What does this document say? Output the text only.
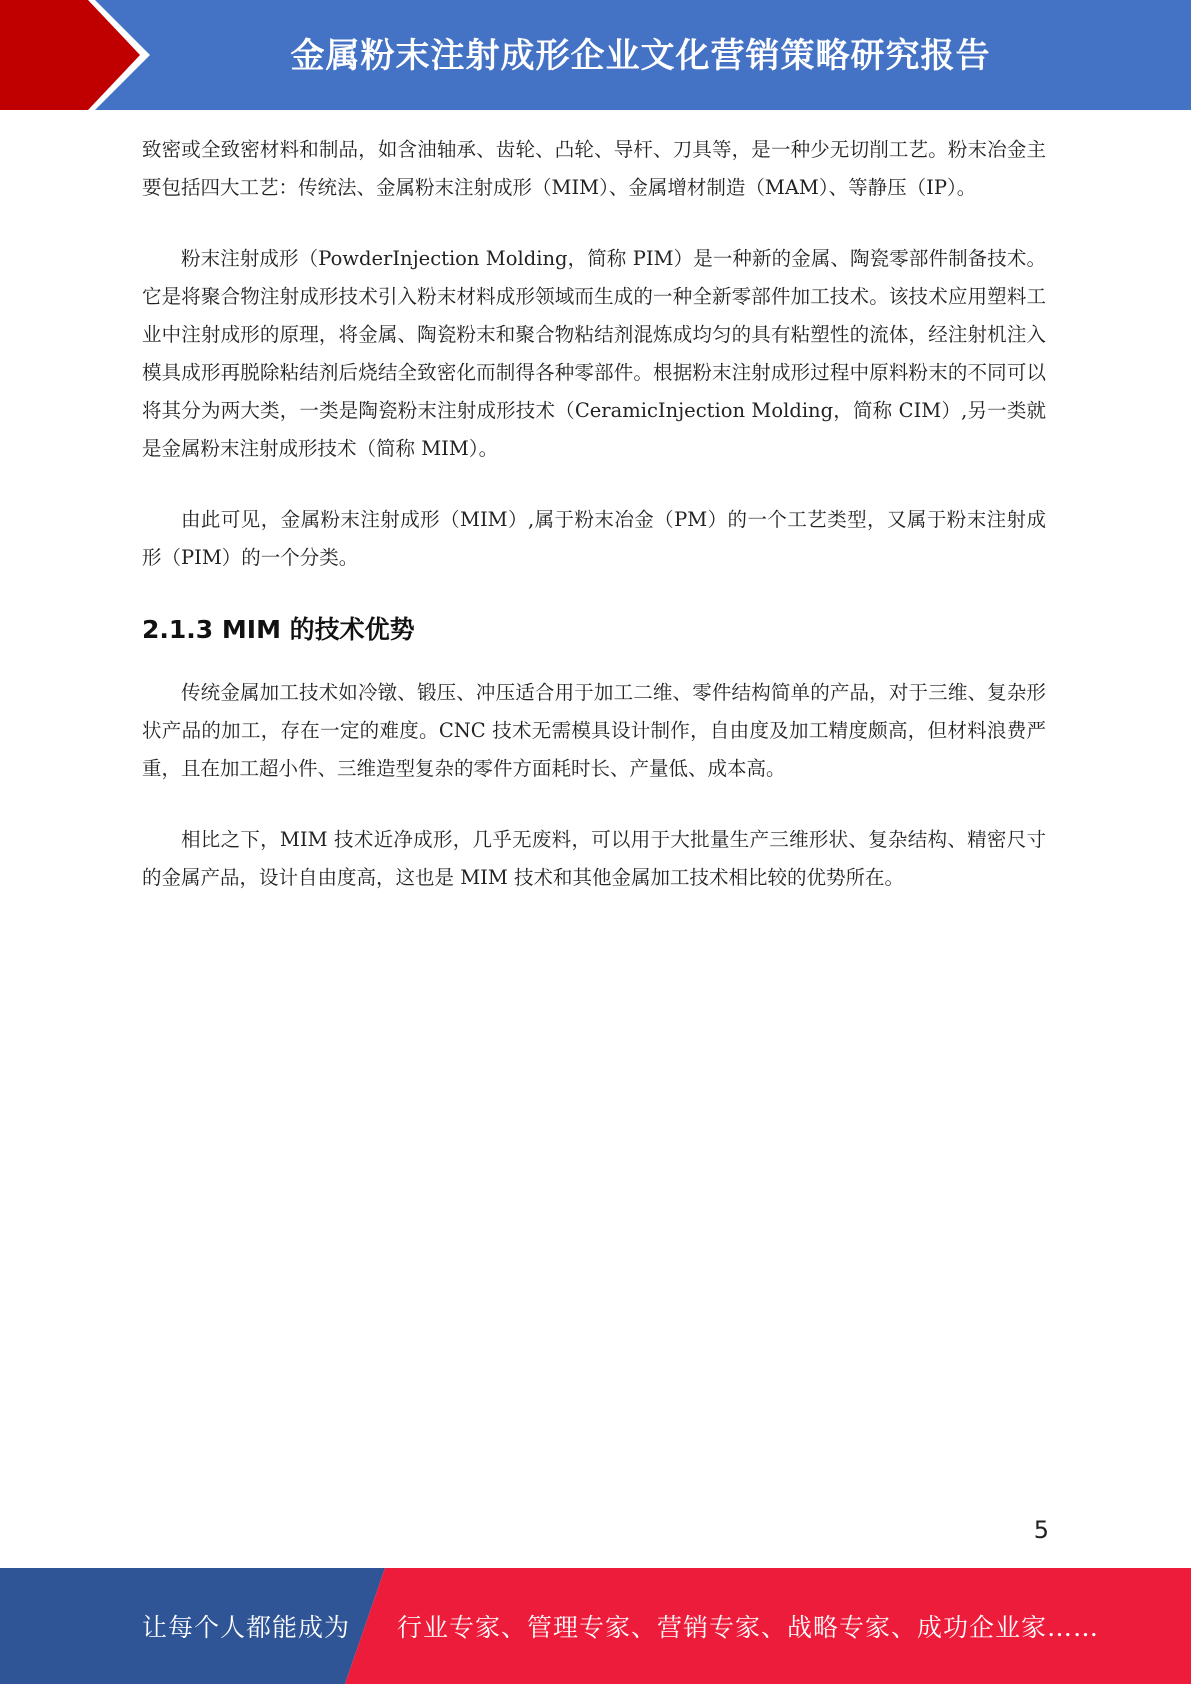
金属粉末注射成形企业文化营销策略研究报告

致密或全致密材料和制品，如含油轴承、齿轮、凸轮、导杆、刀具等，是一种少无切削工艺。粉末冶金主要包括四大工艺：传统法、金属粉末注射成形（MIM）、金属增材制造（MAM）、等静压（IP）。

粉末注射成形（PowderInjection Molding，简称 PIM）是一种新的金属、陶瓷零部件制备技术。它是将聚合物注射成形技术引入粉末材料成形领域而生成的一种全新零部件加工技术。该技术应用塑料工业中注射成形的原理，将金属、陶瓷粉末和聚合物粘结剂混炼成均匀的具有粘塑性的流体，经注射机注入模具成形再脱除粘结剂后烧结全致密化而制得各种零部件。根据粉末注射成形过程中原料粉末的不同可以将其分为两大类，一类是陶瓷粉末注射成形技术（CeramicInjection Molding，简称 CIM）,另一类就是金属粉末注射成形技术（简称 MIM）。

由此可见，金属粉末注射成形（MIM）,属于粉末冶金（PM）的一个工艺类型，又属于粉末注射成形（PIM）的一个分类。

2.1.3 MIM 的技术优势

传统金属加工技术如冷镦、锻压、冲压适合用于加工二维、零件结构简单的产品，对于三维、复杂形状产品的加工，存在一定的难度。CNC 技术无需模具设计制作，自由度及加工精度颇高，但材料浪费严重，且在加工超小件、三维造型复杂的零件方面耗时长、产量低、成本高。

相比之下，MIM 技术近净成形，几乎无废料，可以用于大批量生产三维形状、复杂结构、精密尺寸的金属产品，设计自由度高，这也是 MIM 技术和其他金属加工技术相比较的优势所在。

5
让每个人都能成为 行业专家、管理专家、营销专家、战略专家、成功企业家……
